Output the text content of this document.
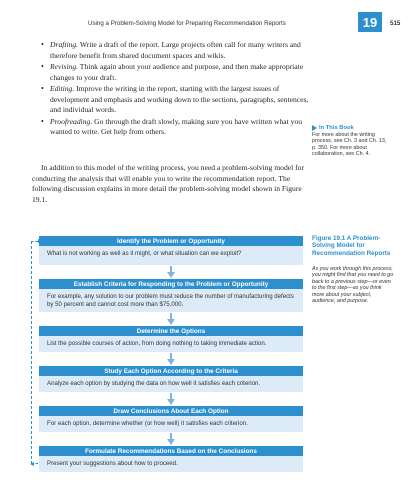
Using a Problem-Solving Model for Preparing Recommendation Reports	19	515
• Drafting. Write a draft of the report. Large projects often call for many writers and therefore benefit from shared document spaces and wikis.
• Revising. Think again about your audience and purpose, and then make appropriate changes to your draft.
• Editing. Improve the writing in the report, starting with the largest issues of development and emphasis and working down to the sections, paragraphs, sentences, and individual words.
• Proofreading. Go through the draft slowly, making sure you have written what you wanted to write. Get help from others.	In This Book
For more about the writing process, see Ch. 3 and Ch. 13, p. 350. For more about collaboration, see Ch. 4.

In addition to this model of the writing process, you need a problem-solving model for conducting the analysis that will enable you to write the recommendation report. The following discussion explains in more detail the problem-solving model shown in Figure 19.1.

Identify the Problem or Opportunity
What is not working as well as it might, or what situation can we exploit?
Establish Criteria for Responding to the Problem or Opportunity
For example, any solution to our problem must reduce the number of manufacturing defects by 50 percent and cannot cost more than $75,000.
Determine the Options
List the possible courses of action, from doing nothing to taking immediate action.
Study Each Option According to the Criteria
Analyze each option by studying the data on how well it satisfies each criterion.
Draw Conclusions About Each Option
For each option, determine whether (or how well) it satisfies each criterion.
Formulate Recommendations Based on the Conclusions
Present your suggestions about how to proceed.
Figure 19.1 A Problem-Solving Model for Recommendation Reports
As you work through this process, you might find that you need to go back to a previous step—or even to the first step—as you think more about your subject, audience, and purpose.
